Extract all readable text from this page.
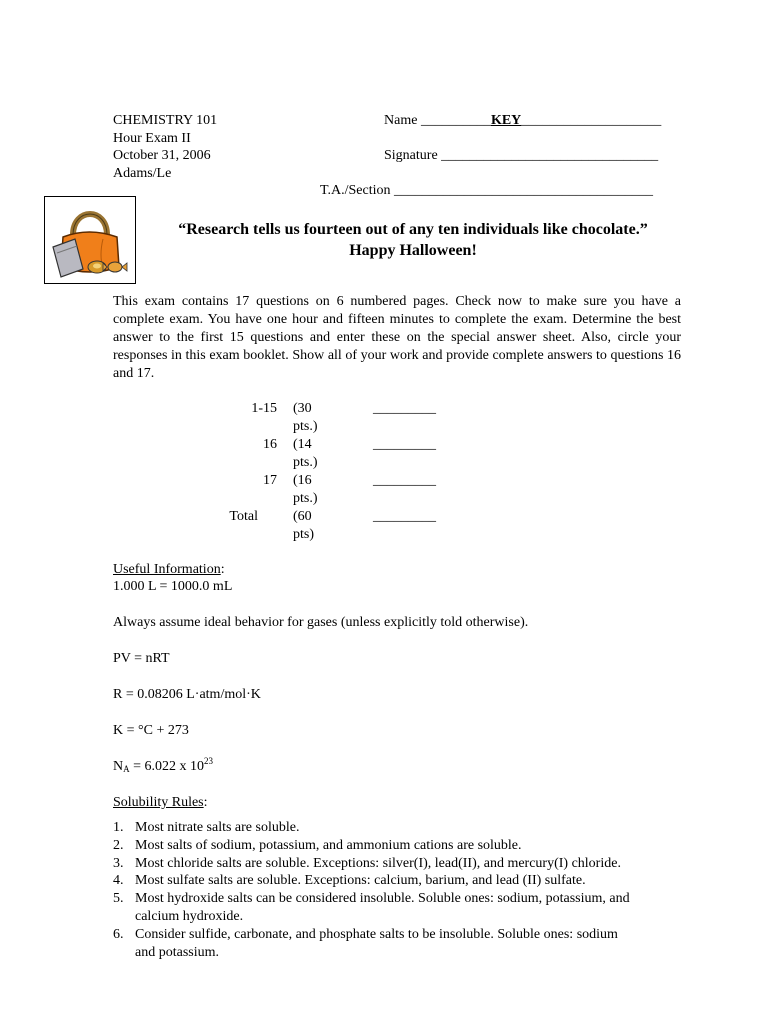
CHEMISTRY 101
Hour Exam II
October 31, 2006
Adams/Le
Name __________KEY____________________
Signature _______________________________
T.A./Section _____________________________________
“Research tells us fourteen out of any ten individuals like chocolate.”
Happy Halloween!
This exam contains 17 questions on 6 numbered pages. Check now to make sure you have a complete exam. You have one hour and fifteen minutes to complete the exam. Determine the best answer to the first 15 questions and enter these on the special answer sheet. Also, circle your responses in this exam booklet. Show all of your work and provide complete answers to questions 16 and 17.
1-15 (30 pts.)
_________
16 (14 pts.)
_________
17 (16 pts.)
_________
Total	(60 pts)
_________
Useful Information:
1.000 L = 1000.0 mL
Always assume ideal behavior for gases (unless explicitly told otherwise).
PV = nRT
R = 0.08206 L·atm/mol·K
K = °C + 273
$N_A = 6.022$ x $10^{23}$
Solubility Rules:
1. Most nitrate salts are soluble.
2. Most salts of sodium, potassium, and ammonium cations are soluble.
3. Most chloride salts are soluble. Exceptions: silver(I), lead(II), and mercury(I) chloride.
4. Most sulfate salts are soluble. Exceptions: calcium, barium, and lead (II) sulfate.
5. Most hydroxide salts can be considered insoluble. Soluble ones: sodium, potassium, and
calcium hydroxide.
6. Consider sulfide, carbonate, and phosphate salts to be insoluble. Soluble ones: sodium
and potassium.
